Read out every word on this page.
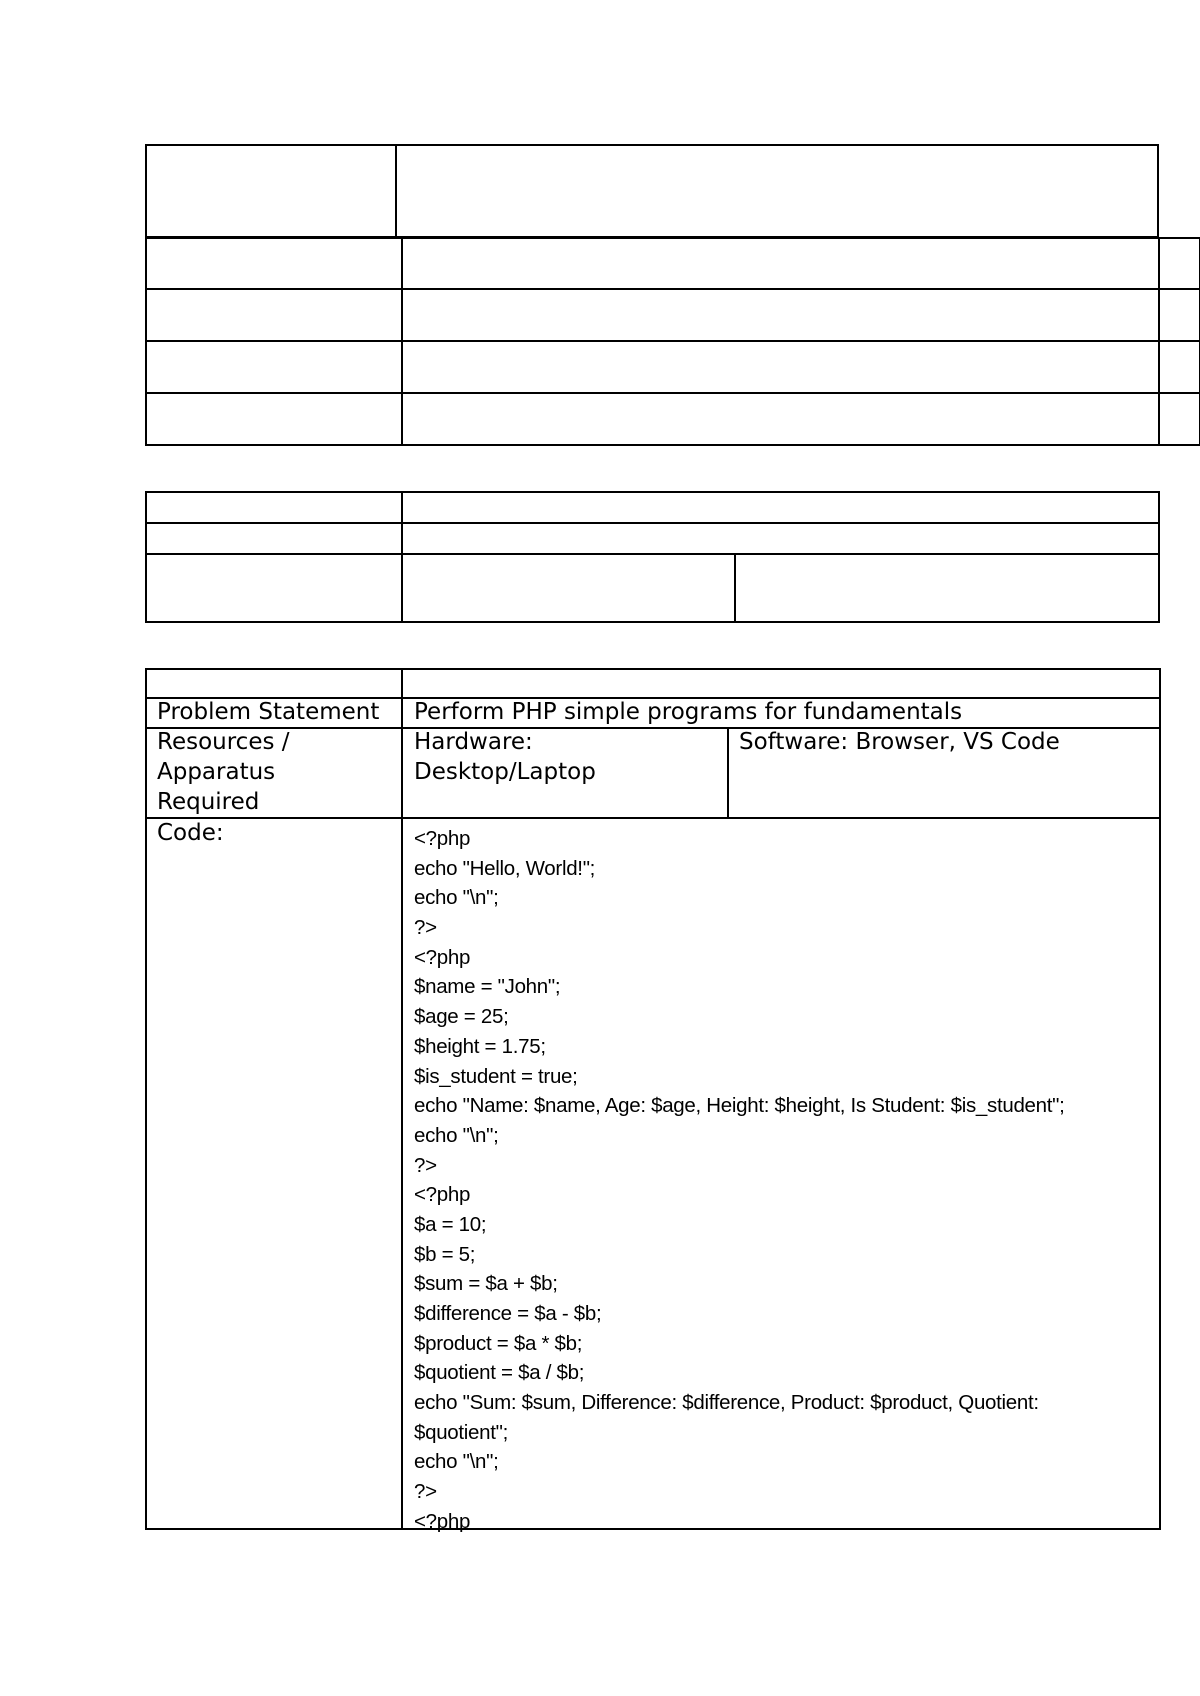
Problem Statement Perform PHP simple programs for fundamentals
Resources /
Apparatus
Required
Hardware:
Desktop/Laptop
Software: Browser, VS Code
Code:	<?php
echo "Hello, World!";
echo "\n";
?>
<?php
$name = "John";
$age = 25;
$height = 1.75;
$is_student = true;
echo "Name: $name, Age: $age, Height: $height, Is Student: $is_student";
echo "\n";
?>
<?php
$a = 10;
$b = 5;
$sum = $a + $b;
$difference = $a - $b;
$product = $a * $b;
$quotient = $a / $b;
echo "Sum: $sum, Difference: $difference, Product: $product, Quotient:
$quotient";
echo "\n";
?>
<?php
